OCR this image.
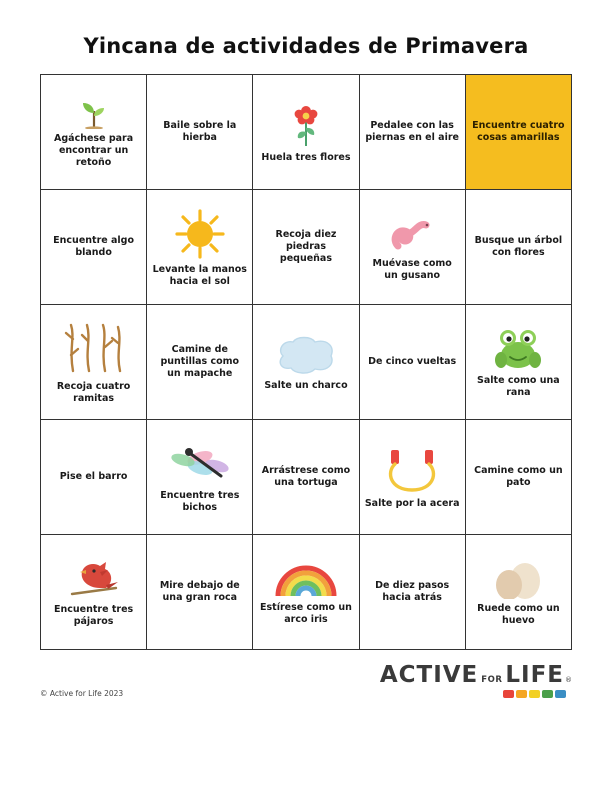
Yincana de actividades de Primavera
Agáchese para encontrar un retoño	Baile sobre la hierba	Huela tres flores	Pedalee con las piernas en el aire	Encuentre cuatro cosas amarillas

Encuentre algo blando	Levante la manos hacia el sol	Recoja diez piedras pequeñas	Muévase como un gusano	Busque un árbol con flores

Recoja cuatro ramitas	Camine de puntillas como un mapache	Salte un charco	De cinco vueltas	Salte como una rana

Pise el barro	Encuentre tres bichos	Arrástrese como una tortuga	Salte por la acera	Camine como un pato

Encuentre tres pájaros	Mire debajo de una gran roca	Estírese como un arco iris	De diez pasos hacia atrás	Ruede como un huevo
© Active for Life 2023
ACTIVE FOR LIFE ®
